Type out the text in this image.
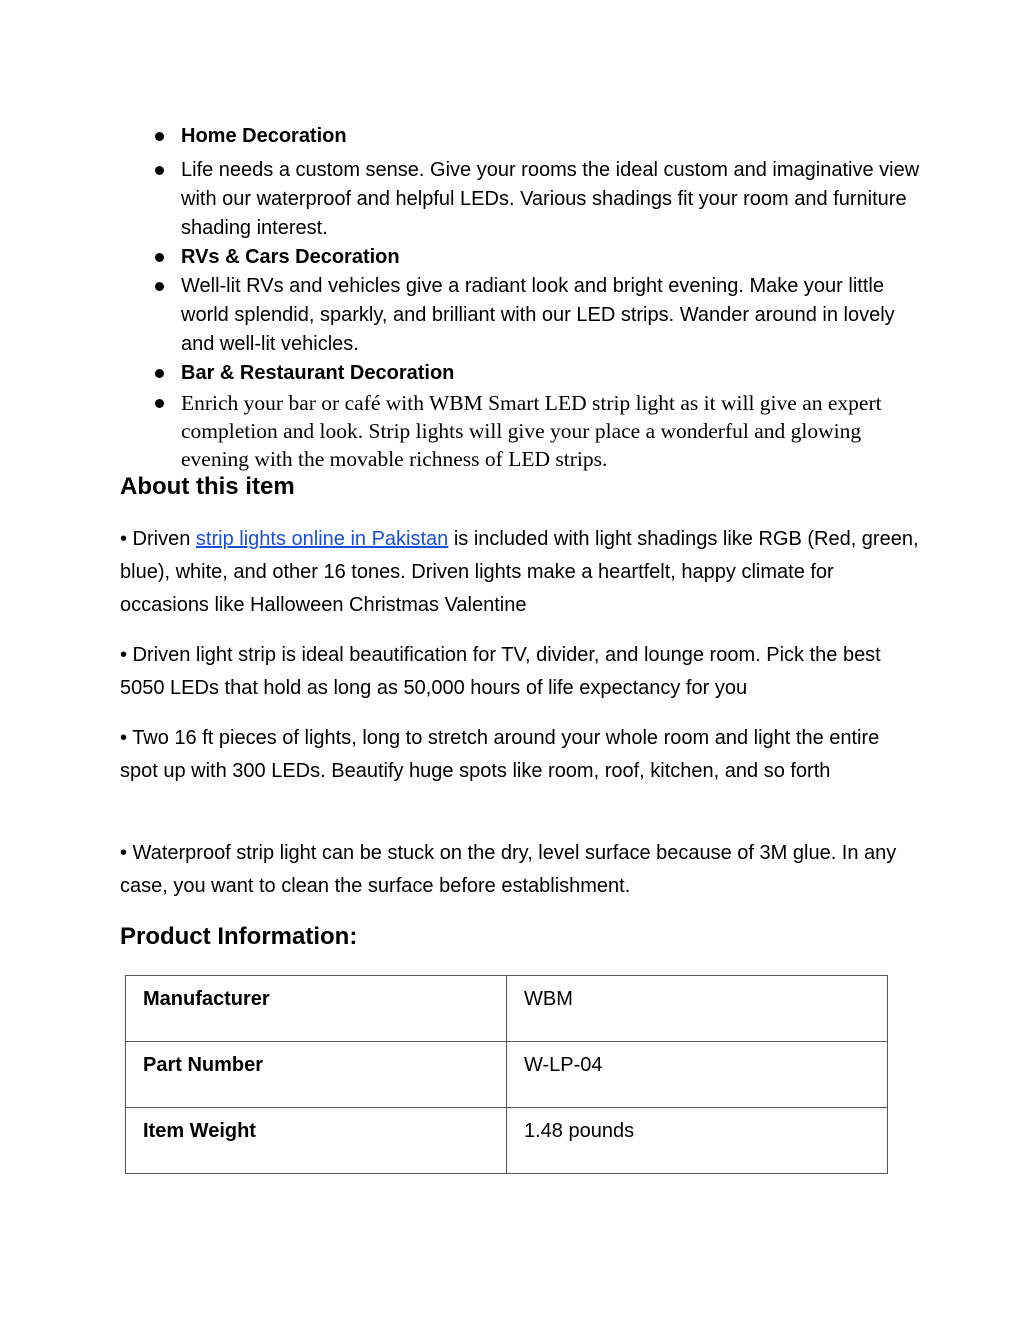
Home Decoration
Life needs a custom sense. Give your rooms the ideal custom and imaginative view with our waterproof and helpful LEDs. Various shadings fit your room and furniture shading interest.
RVs & Cars Decoration
Well-lit RVs and vehicles give a radiant look and bright evening. Make your little world splendid, sparkly, and brilliant with our LED strips. Wander around in lovely and well-lit vehicles.
Bar & Restaurant Decoration
Enrich your bar or café with WBM Smart LED strip light as it will give an expert completion and look. Strip lights will give your place a wonderful and glowing evening with the movable richness of LED strips.
About this item

• Driven strip lights online in Pakistan is included with light shadings like RGB (Red, green, blue), white, and other 16 tones. Driven lights make a heartfelt, happy climate for occasions like Halloween Christmas Valentine

• Driven light strip is ideal beautification for TV, divider, and lounge room. Pick the best 5050 LEDs that hold as long as 50,000 hours of life expectancy for you

• Two 16 ft pieces of lights, long to stretch around your whole room and light the entire spot up with 300 LEDs. Beautify huge spots like room, roof, kitchen, and so forth

• Waterproof strip light can be stuck on the dry, level surface because of 3M glue. In any case, you want to clean the surface before establishment.

Product Information:
Manufacturer	WBM
Part Number	W-LP-04
Item Weight	1.48 pounds
